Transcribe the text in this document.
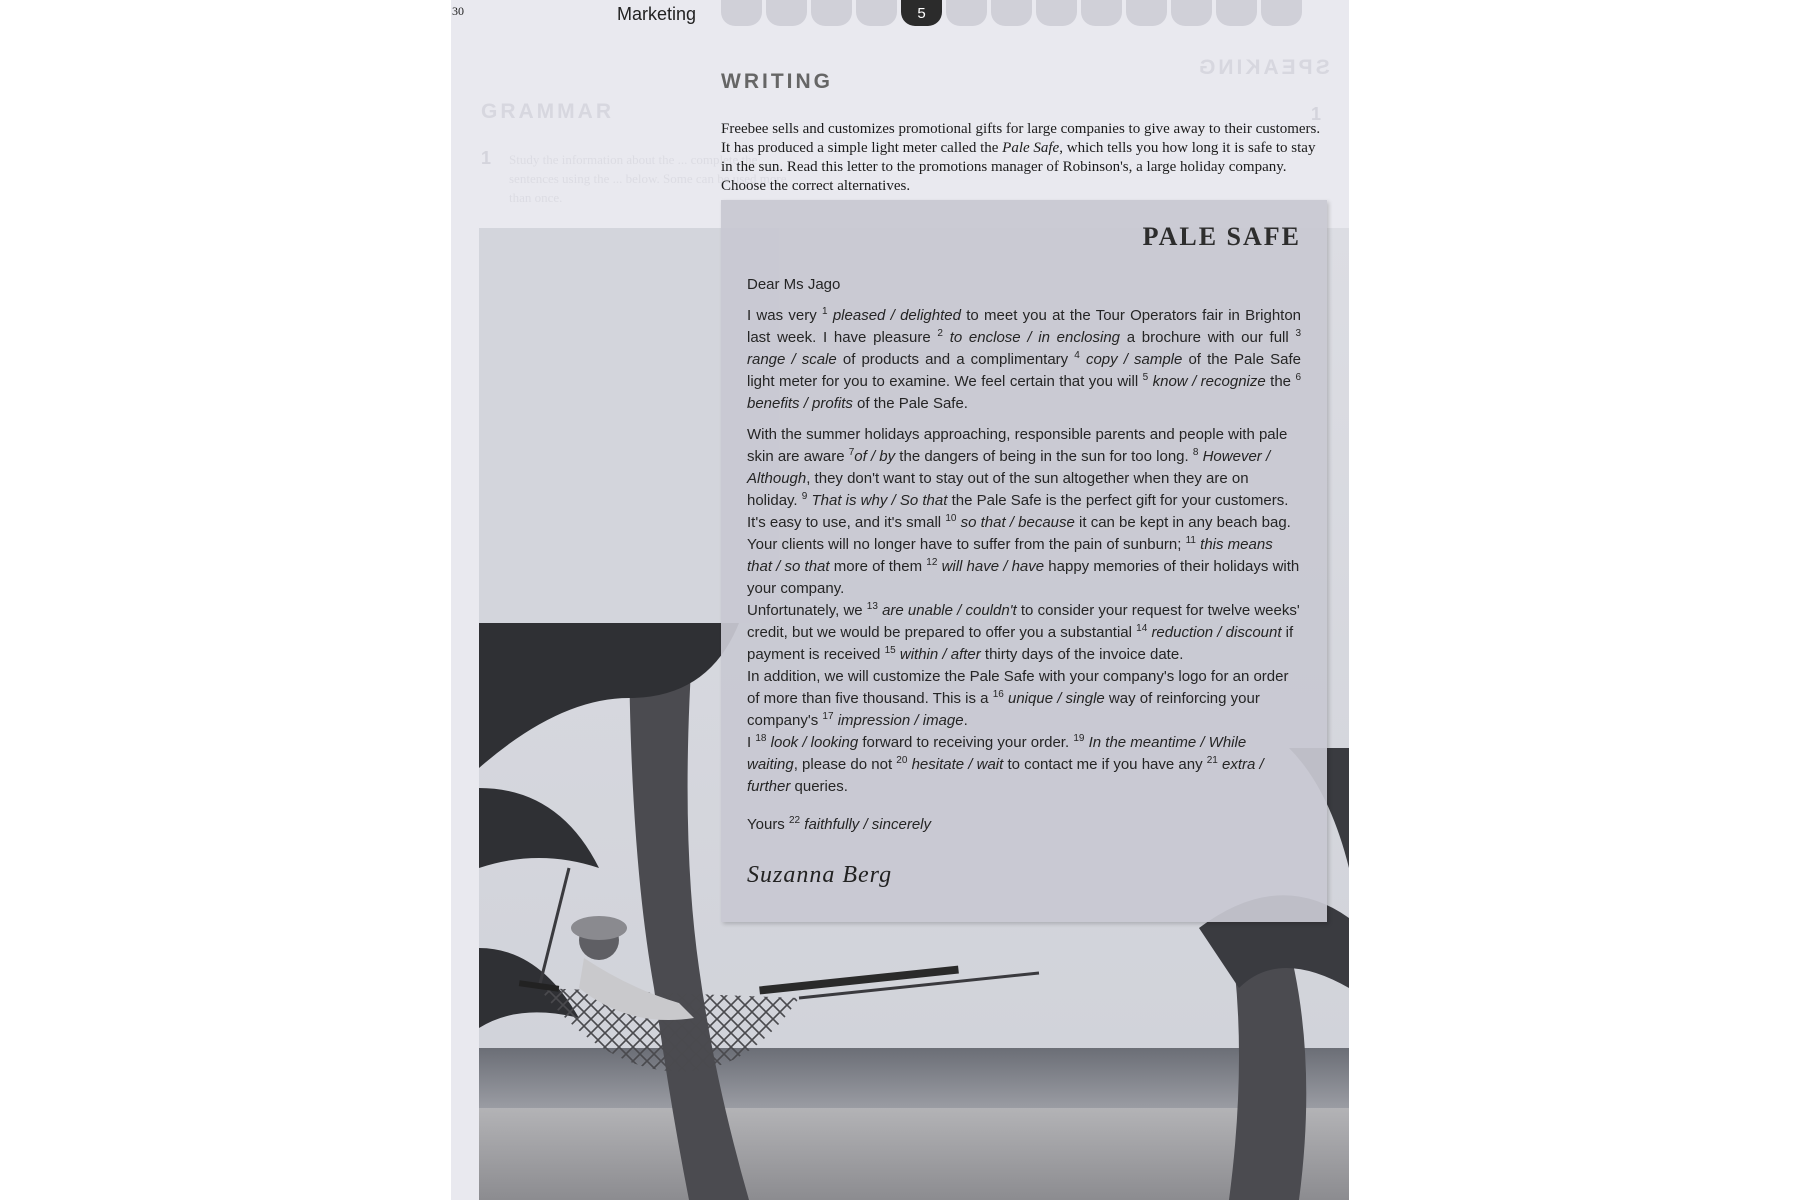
30	Marketing	5
GRAMMAR
1
SPEAKING
1
Study the information about the ... complete the sentences using the ... below. Some can be used more than once.
WRITING

Freebee sells and customizes promotional gifts for large companies to give away to their customers. It has produced a simple light meter called the Pale Safe, which tells you how long it is safe to stay in the sun. Read this letter to the promotions manager of Robinson's, a large holiday company. Choose the correct alternatives.

PALE SAFE

Dear Ms Jago

I was very $^1$ pleased / delighted to meet you at the Tour Operators fair in Brighton last week. I have pleasure $^2$ to enclose / in enclosing a brochure with our full $^3$ range / scale of products and a complimentary $^4$ copy / sample of the Pale Safe light meter for you to examine. We feel certain that you will $^5$ know / recognize the $^6$ benefits / profits of the Pale Safe.

With the summer holidays approaching, responsible parents and people with pale skin are aware $^7$of / by the dangers of being in the sun for too long. $^8$ However / Although, they don't want to stay out of the sun altogether when they are on holiday. $^9$ That is why / So that the Pale Safe is the perfect gift for your customers. It's easy to use, and it's small $^{10}$ so that / because it can be kept in any beach bag. Your clients will no longer have to suffer from the pain of sunburn; $^{11}$ this means that / so that more of them $^{12}$ will have / have happy memories of their holidays with your company.

Unfortunately, we $^{13}$ are unable / couldn't to consider your request for twelve weeks' credit, but we would be prepared to offer you a substantial $^{14}$ reduction / discount if payment is received $^{15}$ within / after thirty days of the invoice date.

In addition, we will customize the Pale Safe with your company's logo for an order of more than five thousand. This is a $^{16}$ unique / single way of reinforcing your company's $^{17}$ impression / image.

I $^{18}$ look / looking forward to receiving your order. $^{19}$ In the meantime / While waiting, please do not $^{20}$ hesitate / wait to contact me if you have any $^{21}$ extra / further queries.

Yours $^{22}$ faithfully / sincerely

Suzanna Berg
